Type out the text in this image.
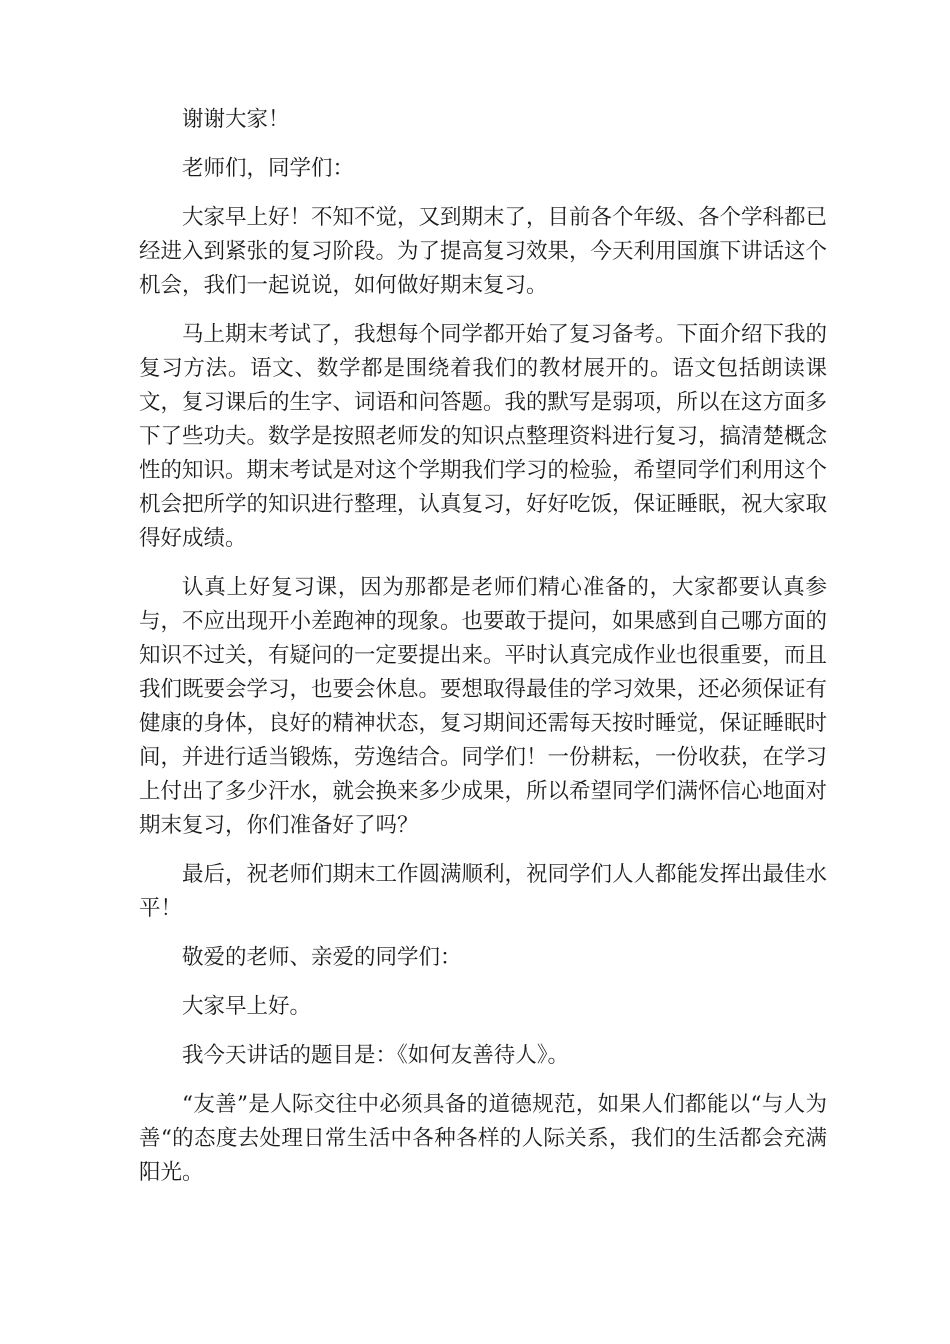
谢谢大家！

老师们，同学们：

大家早上好！不知不觉，又到期末了，目前各个年级、各个学科都已经进入到紧张的复习阶段。为了提高复习效果，今天利用国旗下讲话这个机会，我们一起说说，如何做好期末复习。

马上期末考试了，我想每个同学都开始了复习备考。下面介绍下我的复习方法。语文、数学都是围绕着我们的教材展开的。语文包括朗读课文，复习课后的生字、词语和问答题。我的默写是弱项，所以在这方面多下了些功夫。数学是按照老师发的知识点整理资料进行复习，搞清楚概念性的知识。期末考试是对这个学期我们学习的检验，希望同学们利用这个机会把所学的知识进行整理，认真复习，好好吃饭，保证睡眠，祝大家取得好成绩。

认真上好复习课，因为那都是老师们精心准备的，大家都要认真参与，不应出现开小差跑神的现象。也要敢于提问，如果感到自己哪方面的知识不过关，有疑问的一定要提出来。平时认真完成作业也很重要，而且我们既要会学习，也要会休息。要想取得最佳的学习效果，还必须保证有健康的身体，良好的精神状态，复习期间还需每天按时睡觉，保证睡眠时间，并进行适当锻炼，劳逸结合。同学们！一份耕耘，一份收获，在学习上付出了多少汗水，就会换来多少成果，所以希望同学们满怀信心地面对期末复习，你们准备好了吗？

最后，祝老师们期末工作圆满顺利，祝同学们人人都能发挥出最佳水平！

敬爱的老师、亲爱的同学们：

大家早上好。

我今天讲话的题目是：《如何友善待人》。

“友善”是人际交往中必须具备的道德规范，如果人们都能以“与人为善“的态度去处理日常生活中各种各样的人际关系，我们的生活都会充满阳光。
